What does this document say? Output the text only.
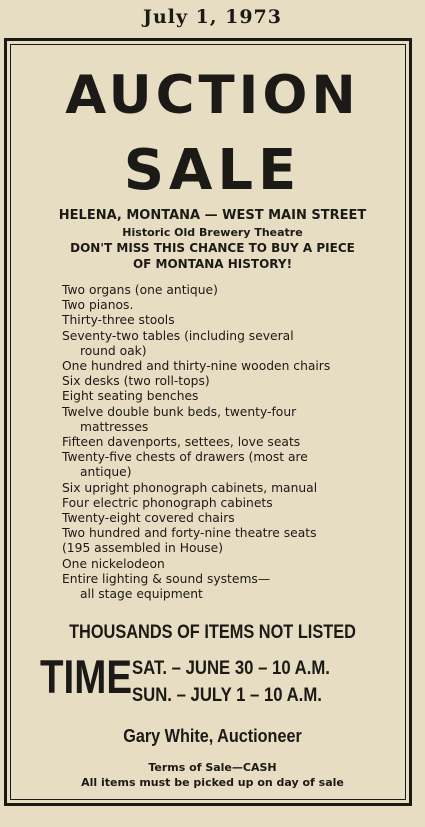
July 1, 1973
AUCTION
SALE
HELENA, MONTANA — WEST MAIN STREET
Historic Old Brewery Theatre
DON'T MISS THIS CHANCE TO BUY A PIECE
OF MONTANA HISTORY!
Two organs (one antique)
Two pianos.
Thirty-three stools
Seventy-two tables (including several
round oak)
One hundred and thirty-nine wooden chairs
Six desks (two roll-tops)
Eight seating benches
Twelve double bunk beds, twenty-four
mattresses
Fifteen davenports, settees, love seats
Twenty-five chests of drawers (most are
antique)
Six upright phonograph cabinets, manual
Four electric phonograph cabinets
Twenty-eight covered chairs
Two hundred and forty-nine theatre seats
(195 assembled in House)
One nickelodeon
Entire lighting & sound systems—
all stage equipment
THOUSANDS OF ITEMS NOT LISTED
TIME SAT. – JUNE 30 – 10 A.M.
SUN. – JULY 1 – 10 A.M.
Gary White, Auctioneer
Terms of Sale—CASH
All items must be picked up on day of sale
